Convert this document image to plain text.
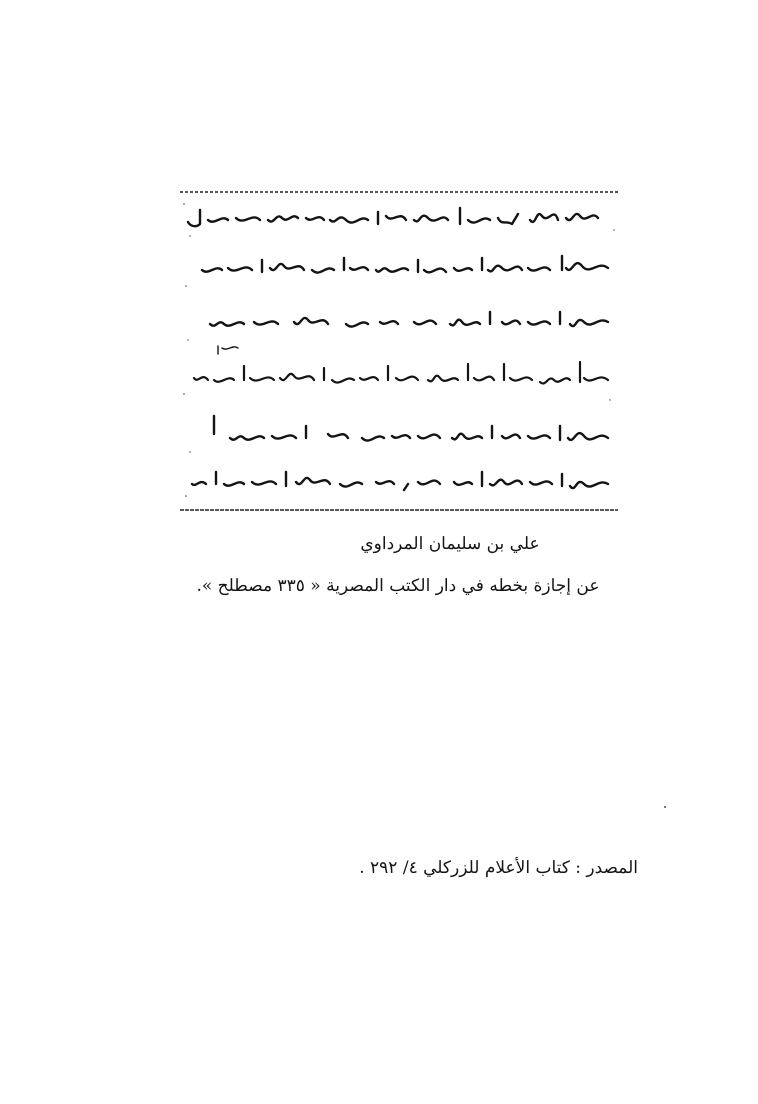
علي بن سليمان المرداوي
عن إجازة بخطه في دار الكتب المصرية « ٣٣٥ مصطلح ».
المصدر : كتاب الأعلام للزركلي ٤/ ٢٩٢ .
